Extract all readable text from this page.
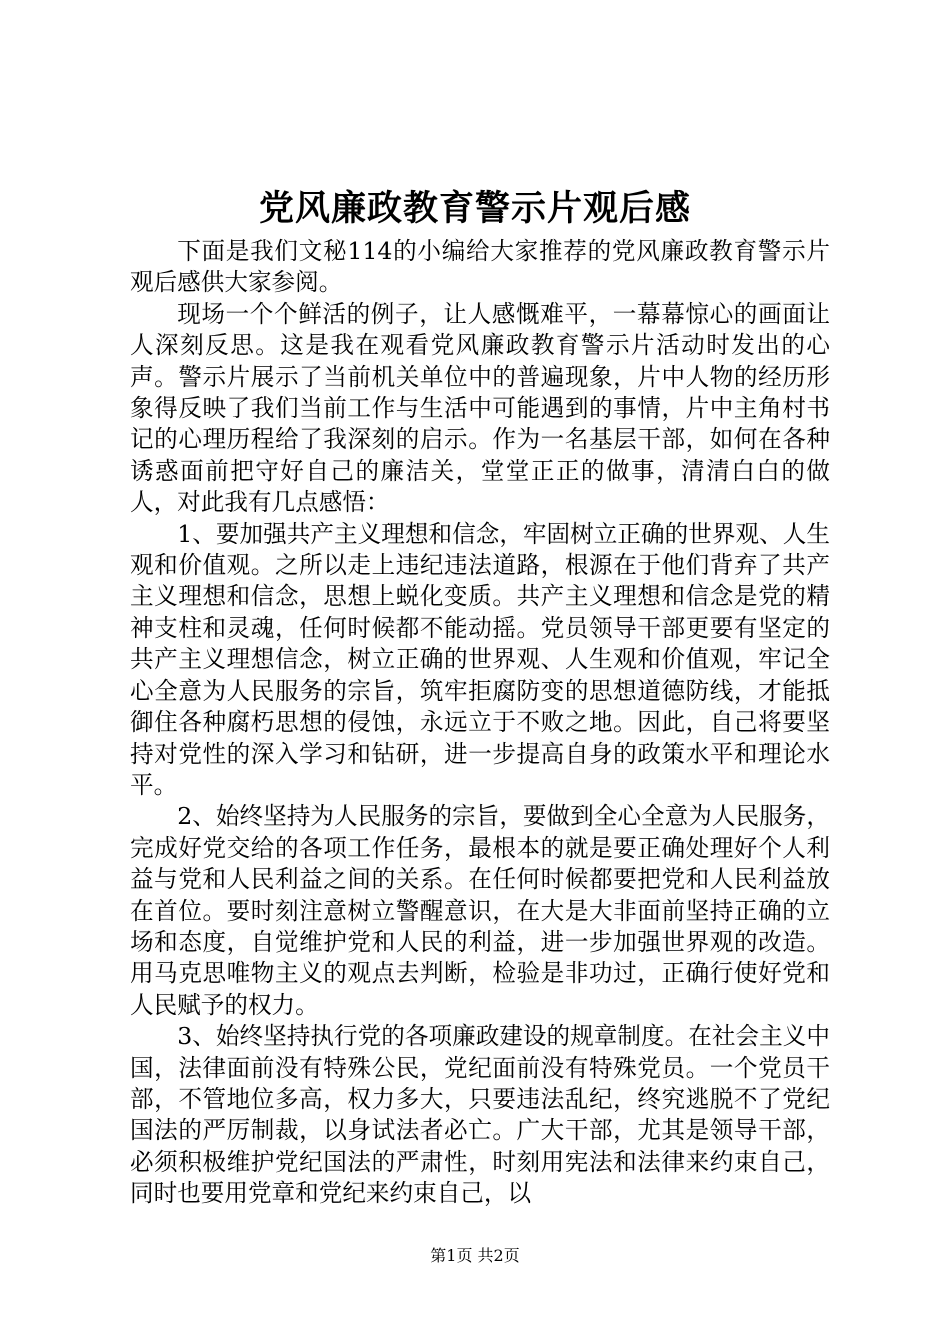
党风廉政教育警示片观后感

下面是我们文秘114的小编给大家推荐的党风廉政教育警示片观后感供大家参阅。

现场一个个鲜活的例子，让人感慨难平，一幕幕惊心的画面让人深刻反思。这是我在观看党风廉政教育警示片活动时发出的心声。警示片展示了当前机关单位中的普遍现象，片中人物的经历形象得反映了我们当前工作与生活中可能遇到的事情，片中主角村书记的心理历程给了我深刻的启示。作为一名基层干部，如何在各种诱惑面前把守好自己的廉洁关，堂堂正正的做事，清清白白的做人，对此我有几点感悟：

1、要加强共产主义理想和信念，牢固树立正确的世界观、人生观和价值观。之所以走上违纪违法道路，根源在于他们背弃了共产主义理想和信念，思想上蜕化变质。共产主义理想和信念是党的精神支柱和灵魂，任何时候都不能动摇。党员领导干部更要有坚定的共产主义理想信念，树立正确的世界观、人生观和价值观，牢记全心全意为人民服务的宗旨，筑牢拒腐防变的思想道德防线，才能抵御住各种腐朽思想的侵蚀，永远立于不败之地。因此，自己将要坚持对党性的深入学习和钻研，进一步提高自身的政策水平和理论水平。

2、始终坚持为人民服务的宗旨，要做到全心全意为人民服务，完成好党交给的各项工作任务，最根本的就是要正确处理好个人利益与党和人民利益之间的关系。在任何时候都要把党和人民利益放在首位。要时刻注意树立警醒意识，在大是大非面前坚持正确的立场和态度，自觉维护党和人民的利益，进一步加强世界观的改造。用马克思唯物主义的观点去判断，检验是非功过，正确行使好党和人民赋予的权力。

3、始终坚持执行党的各项廉政建设的规章制度。在社会主义中国，法律面前没有特殊公民，党纪面前没有特殊党员。一个党员干部，不管地位多高，权力多大，只要违法乱纪，终究逃脱不了党纪国法的严厉制裁，以身试法者必亡。广大干部，尤其是领导干部，必须积极维护党纪国法的严肃性，时刻用宪法和法律来约束自己，同时也要用党章和党纪来约束自己，以

第1页 共2页
